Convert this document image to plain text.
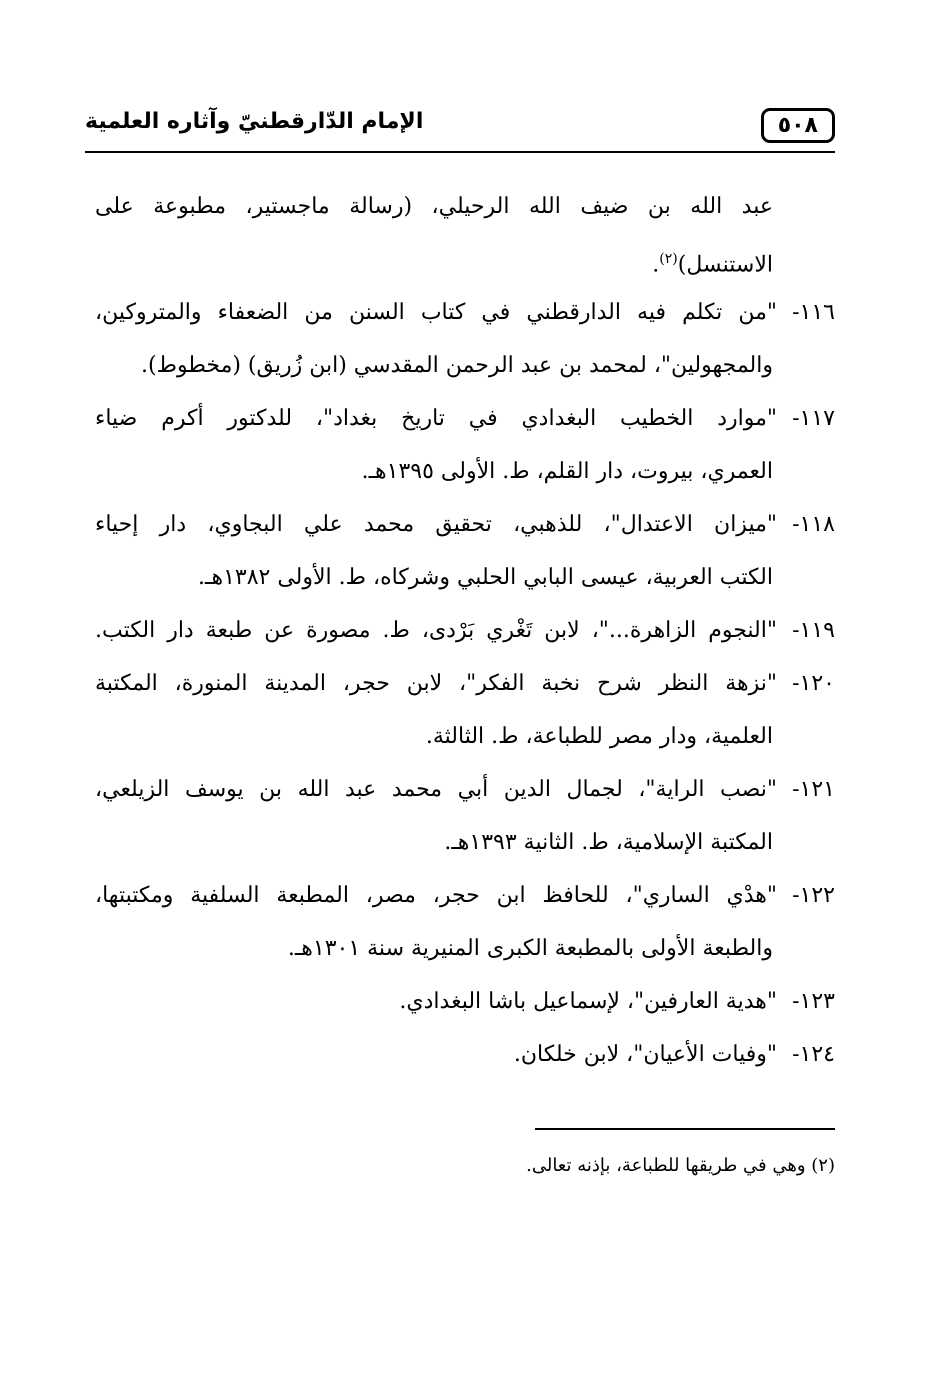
٥٠٨
الإمام الدّارقطنيّ وآثاره العلمية
عبد الله بن ضيف الله الرحيلي، (رسالة ماجستير، مطبوعة على
الاستنسل)$^{(٢)}$.
١١٦-"من تكلم فيه الدارقطني في كتاب السنن من الضعفاء والمتروكين،
والمجهولين"، لمحمد بن عبد الرحمن المقدسي (ابن زُريق) (مخطوط).
١١٧-"موارد الخطيب البغدادي في تاريخ بغداد"، للدكتور أكرم ضياء
العمري، بيروت، دار القلم، ط. الأولى ١٣٩٥هـ.
١١٨-"ميزان الاعتدال"، للذهبي، تحقيق محمد علي البجاوي، دار إحياء
الكتب العربية، عيسى البابي الحلبي وشركاه، ط. الأولى ١٣٨٢هـ.
١١٩-"النجوم الزاهرة..."، لابن تَغْري بَرْدى، ط. مصورة عن طبعة دار الكتب.
١٢٠-"نزهة النظر شرح نخبة الفكر"، لابن حجر، المدينة المنورة، المكتبة
العلمية، ودار مصر للطباعة، ط. الثالثة.
١٢١-"نصب الراية"، لجمال الدين أبي محمد عبد الله بن يوسف الزيلعي،
المكتبة الإسلامية، ط. الثانية ١٣٩٣هـ.
١٢٢-"هدْي الساري"، للحافظ ابن حجر، مصر، المطبعة السلفية ومكتبتها،
والطبعة الأولى بالمطبعة الكبرى المنيرية سنة ١٣٠١هـ.
١٢٣-"هدية العارفين"، لإسماعيل باشا البغدادي.
١٢٤-"وفيات الأعيان"، لابن خلكان.
(٢) وهي في طريقها للطباعة، بإذنه تعالى.
